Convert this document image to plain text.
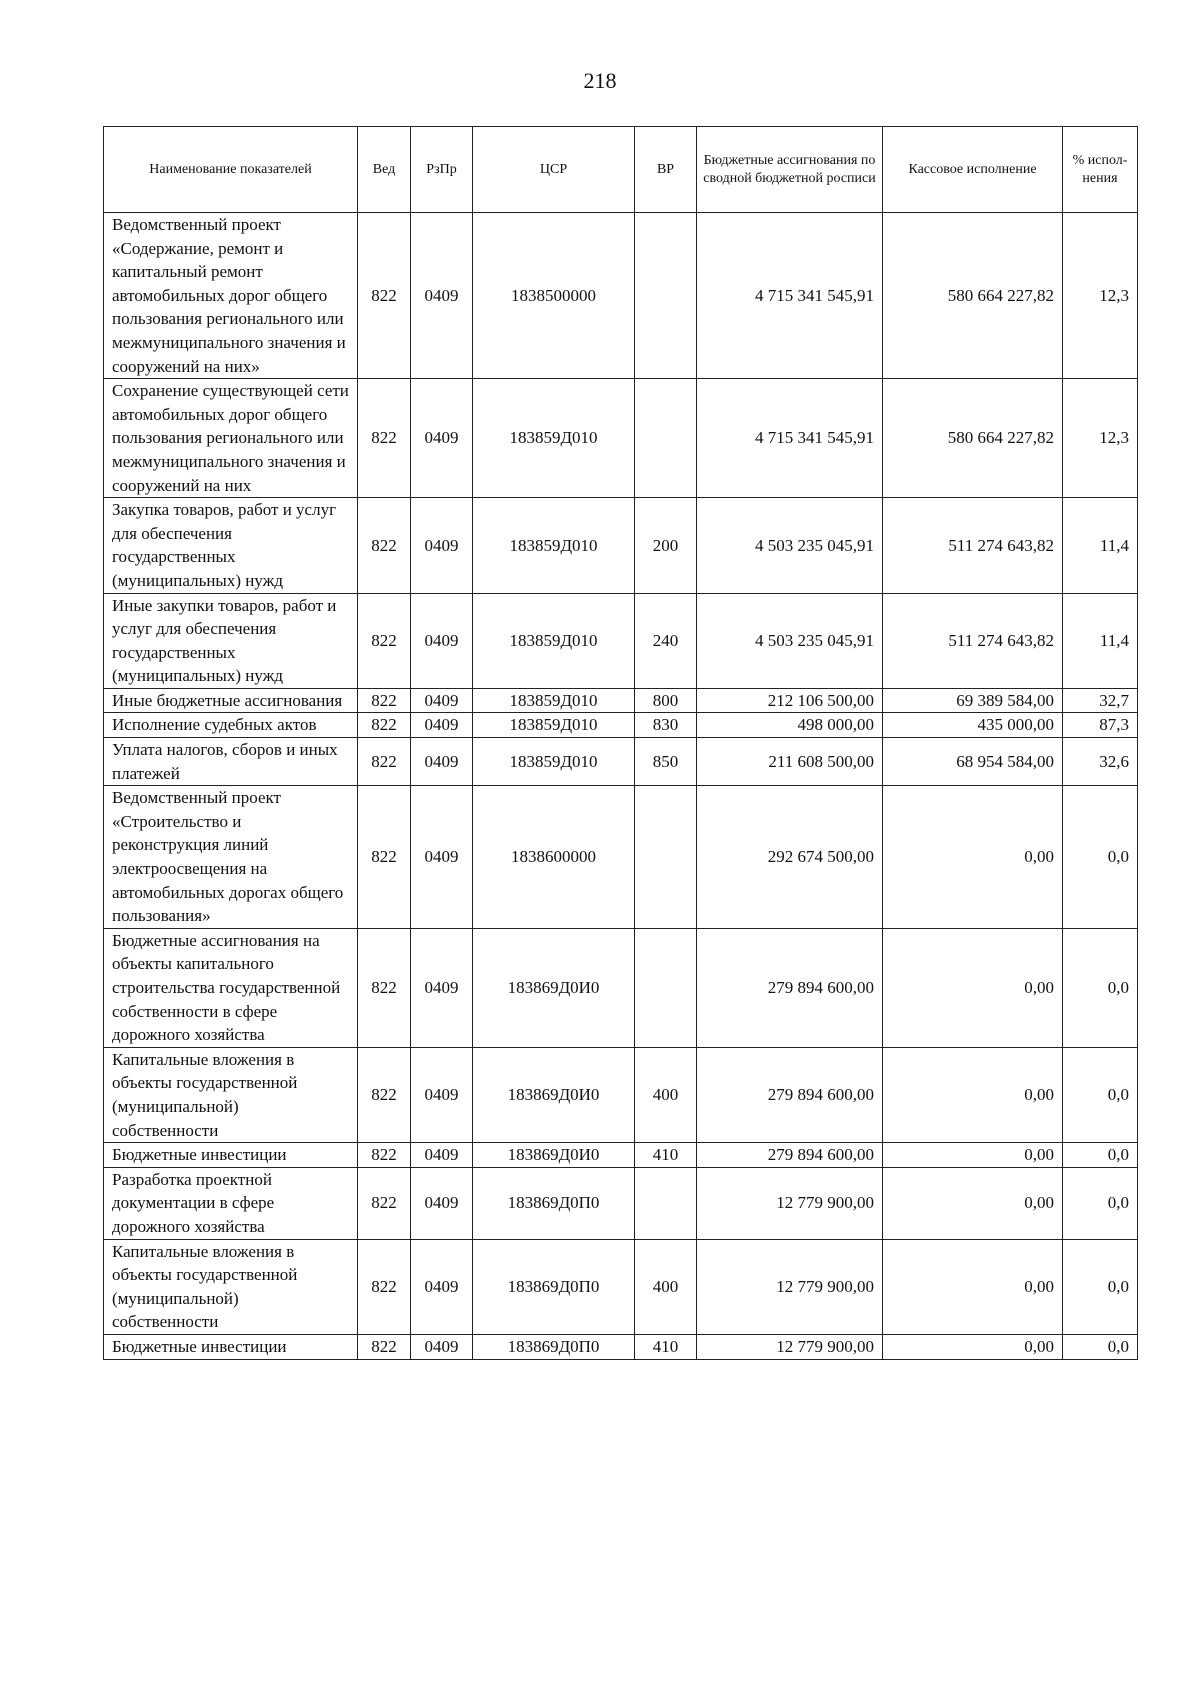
218
Наименование показателей	Вед	РзПр	ЦСР	ВР	Бюджетные ассигнования по сводной бюджетной росписи	Кассовое исполнение	% испол-нения
Ведомственный проект «Содержание, ремонт и капитальный ремонт автомобильных дорог общего пользования регионального или межмуниципального значения и сооружений на них»	822	0409	1838500000		4 715 341 545,91	580 664 227,82	12,3
Сохранение существующей сети автомобильных дорог общего пользования регионального или межмуниципального значения и сооружений на них	822	0409	183859Д010		4 715 341 545,91	580 664 227,82	12,3
Закупка товаров, работ и услуг для обеспечения государственных (муниципальных) нужд	822	0409	183859Д010	200	4 503 235 045,91	511 274 643,82	11,4
Иные закупки товаров, работ и услуг для обеспечения государственных (муниципальных) нужд	822	0409	183859Д010	240	4 503 235 045,91	511 274 643,82	11,4
Иные бюджетные ассигнования	822	0409	183859Д010	800	212 106 500,00	69 389 584,00	32,7
Исполнение судебных актов	822	0409	183859Д010	830	498 000,00	435 000,00	87,3
Уплата налогов, сборов и иных платежей	822	0409	183859Д010	850	211 608 500,00	68 954 584,00	32,6
Ведомственный проект «Строительство и реконструкция линий электроосвещения на автомобильных дорогах общего пользования»	822	0409	1838600000		292 674 500,00	0,00	0,0
Бюджетные ассигнования на объекты капитального строительства государственной собственности в сфере дорожного хозяйства	822	0409	183869Д0И0		279 894 600,00	0,00	0,0
Капитальные вложения в объекты государственной (муниципальной) собственности	822	0409	183869Д0И0	400	279 894 600,00	0,00	0,0
Бюджетные инвестиции	822	0409	183869Д0И0	410	279 894 600,00	0,00	0,0
Разработка проектной документации в сфере дорожного хозяйства	822	0409	183869Д0П0		12 779 900,00	0,00	0,0
Капитальные вложения в объекты государственной (муниципальной) собственности	822	0409	183869Д0П0	400	12 779 900,00	0,00	0,0
Бюджетные инвестиции	822	0409	183869Д0П0	410	12 779 900,00	0,00	0,0
